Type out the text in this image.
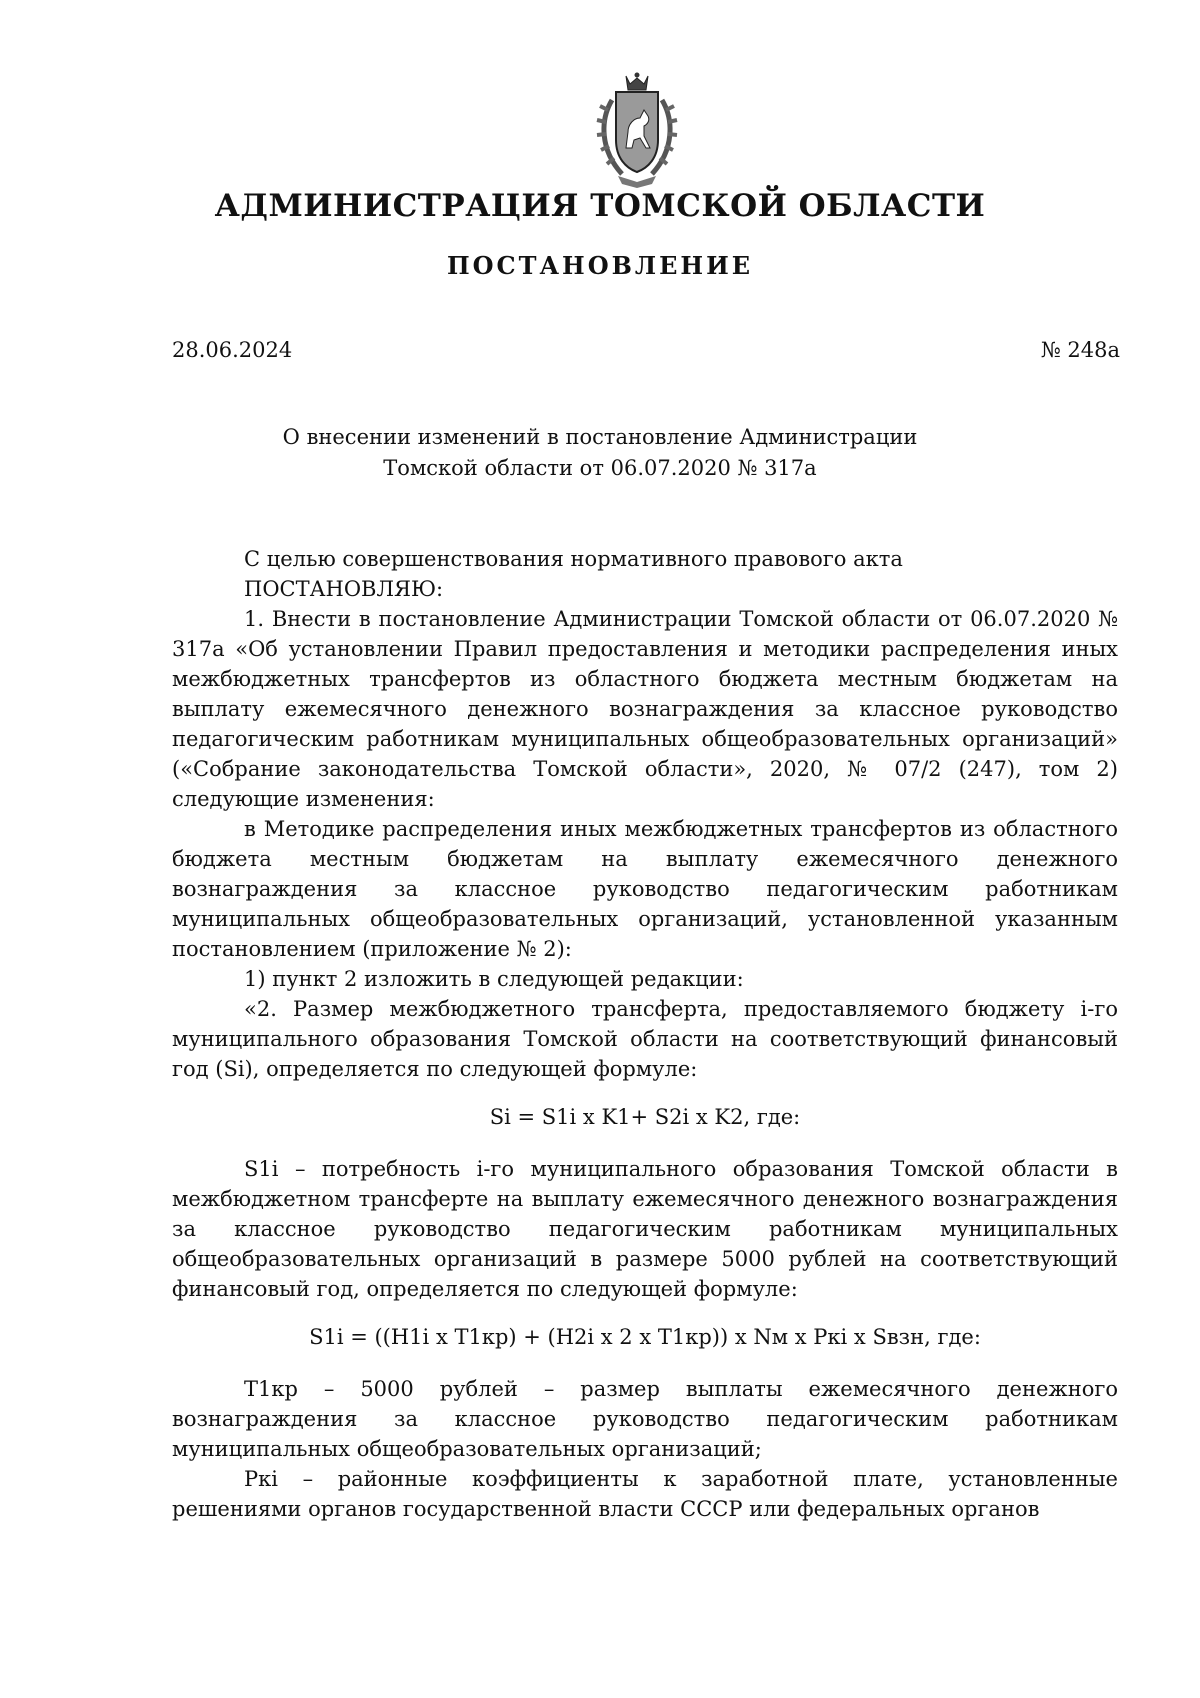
АДМИНИСТРАЦИЯ ТОМСКОЙ ОБЛАСТИ
ПОСТАНОВЛЕНИЕ
28.06.2024	№ 248а
О внесении изменений в постановление Администрации
Томской области от 06.07.2020 № 317а

С целью совершенствования нормативного правового акта

ПОСТАНОВЛЯЮ:

1. Внести в постановление Администрации Томской области от 06.07.2020 № 317а «Об установлении Правил предоставления и методики распределения иных межбюджетных трансфертов из областного бюджета местным бюджетам на выплату ежемесячного денежного вознаграждения за классное руководство педагогическим работникам муниципальных общеобразовательных организаций» («Собрание законодательства Томской области», 2020, № 07/2 (247), том 2) следующие изменения:

в Методике распределения иных межбюджетных трансфертов из областного бюджета местным бюджетам на выплату ежемесячного денежного вознаграждения за классное руководство педагогическим работникам муниципальных общеобразовательных организаций, установленной указанным постановлением (приложение № 2):

1) пункт 2 изложить в следующей редакции:

«2. Размер межбюджетного трансферта, предоставляемого бюджету i-го муниципального образования Томской области на соответствующий финансовый год (Si), определяется по следующей формуле:

Si = S1i x K1+ S2i x K2, где:

S1i – потребность i-го муниципального образования Томской области в межбюджетном трансферте на выплату ежемесячного денежного вознаграждения за классное руководство педагогическим работникам муниципальных общеобразовательных организаций в размере 5000 рублей на соответствующий финансовый год, определяется по следующей формуле:

S1i = ((H1i x T1кр) + (H2i x 2 x T1кр)) x Nм x Pкi x Sвзн, где:

T1кр – 5000 рублей – размер выплаты ежемесячного денежного вознаграждения за классное руководство педагогическим работникам муниципальных общеобразовательных организаций;

Ркi – районные коэффициенты к заработной плате, установленные решениями органов государственной власти СССР или федеральных органов
